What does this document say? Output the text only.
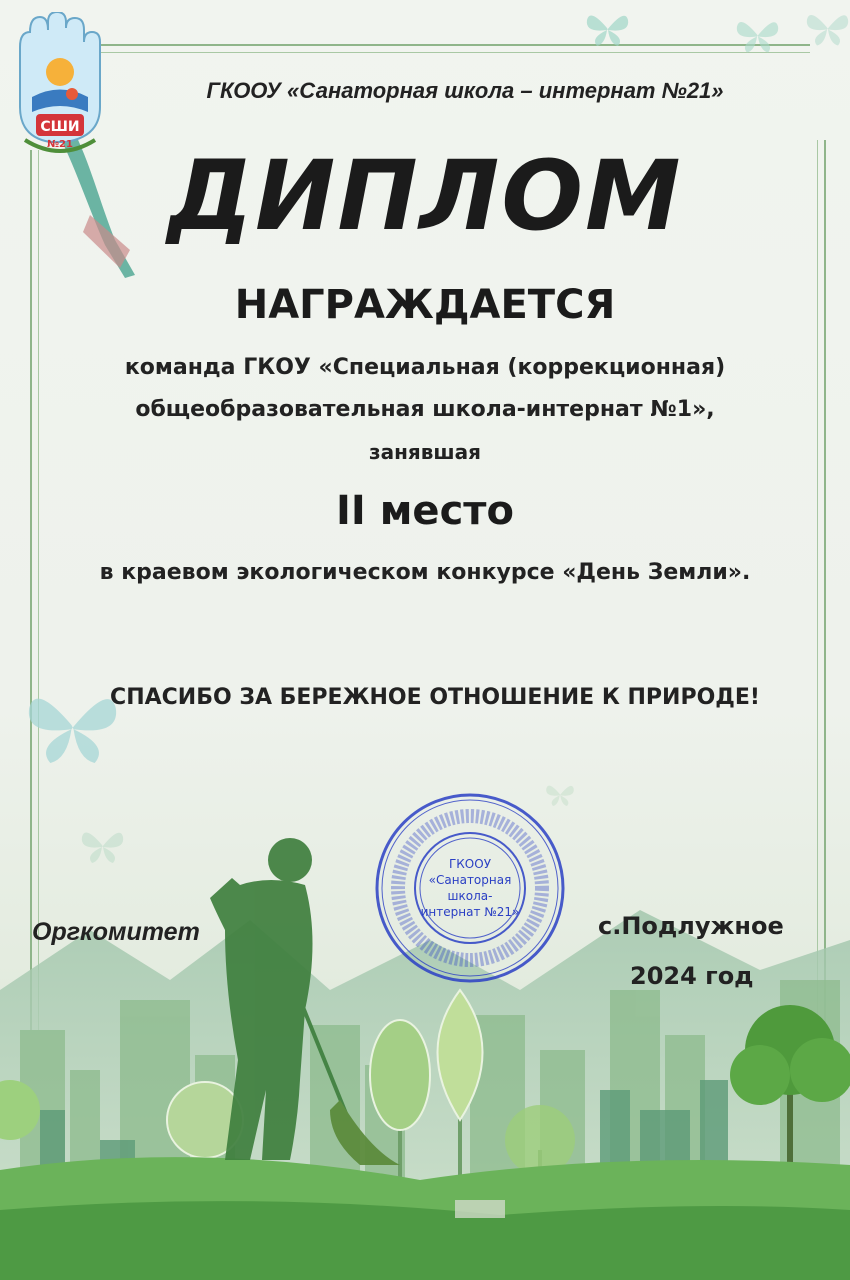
СШИ
№21
ГКООУ «Санаторная школа – интернат №21»
ДИПЛОМ
НАГРАЖДАЕТСЯ
команда ГКОУ «Специальная (коррекционная)
общеобразовательная школа-интернат №1»,
занявшая
II место
в краевом экологическом конкурсе «День Земли».
СПАСИБО ЗА БЕРЕЖНОЕ ОТНОШЕНИЕ К ПРИРОДЕ!
ГКООУ
«Санаторная
школа-
интернат №21»
Оргкомитет	с.Подлужное
2024 год
